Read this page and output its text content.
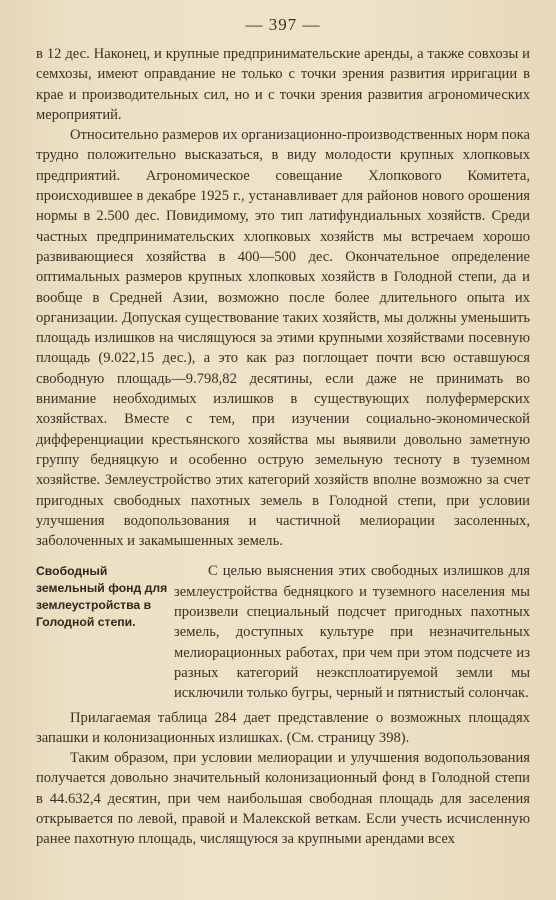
— 397 —

в 12 дес. Наконец, и крупные предпринимательские аренды, а также совхозы и семхозы, имеют оправдание не только с точки зрения развития ирригации в крае и производительных сил, но и с точки зрения развития агрономических мероприятий.

Относительно размеров их организационно-производственных норм пока трудно положительно высказаться, в виду молодости крупных хлопковых предприятий. Агрономическое совещание Хлопкового Комитета, происходившее в декабре 1925 г., устанавливает для районов нового орошения нормы в 2.500 дес. Повидимому, это тип латифундиальных хозяйств. Среди частных предпринимательских хлопковых хозяйств мы встречаем хорошо развивающиеся хозяйства в 400—500 дес. Окончательное определение оптимальных размеров крупных хлопковых хозяйств в Голодной степи, да и вообще в Средней Азии, возможно после более длительного опыта их организации. Допуская существование таких хозяйств, мы должны уменьшить площадь излишков на числящуюся за этими крупными хозяйствами посевную площадь (9.022,15 дес.), а это как раз поглощает почти всю оставшуюся свободную площадь—9.798,82 десятины, если даже не принимать во внимание необходимых излишков в существующих полуфермерских хозяйствах. Вместе с тем, при изучении социально-экономической дифференциации крестьянского хозяйства мы выявили довольно заметную группу бедняцкую и особенно острую земельную тесноту в туземном хозяйстве. Землеустройство этих категорий хозяйств вполне возможно за счет пригодных свободных пахотных земель в Голодной степи, при условии улучшения водопользования и частичной мелиорации засоленных, заболоченных и закамышенных земель.

Свободный земельный фонд для землеустройства в Голодной степи.

С целью выяснения этих свободных излишков для землеустройства бедняцкого и туземного населения мы произвели специальный подсчет пригодных пахотных земель, доступных культуре при незначительных мелиорационных работах, при чем при этом подсчете из разных категорий неэксплоатируемой земли мы исключили только бугры, черный и пятнистый солончак.

Прилагаемая таблица 284 дает представление о возможных площадях запашки и колонизационных излишках. (См. страницу 398).

Таким образом, при условии мелиорации и улучшения водопользования получается довольно значительный колонизационный фонд в Голодной степи в 44.632,4 десятин, при чем наибольшая свободная площадь для заселения открывается по левой, правой и Малекской веткам. Если учесть исчисленную ранее пахотную площадь, числящуюся за крупными арендами всех
